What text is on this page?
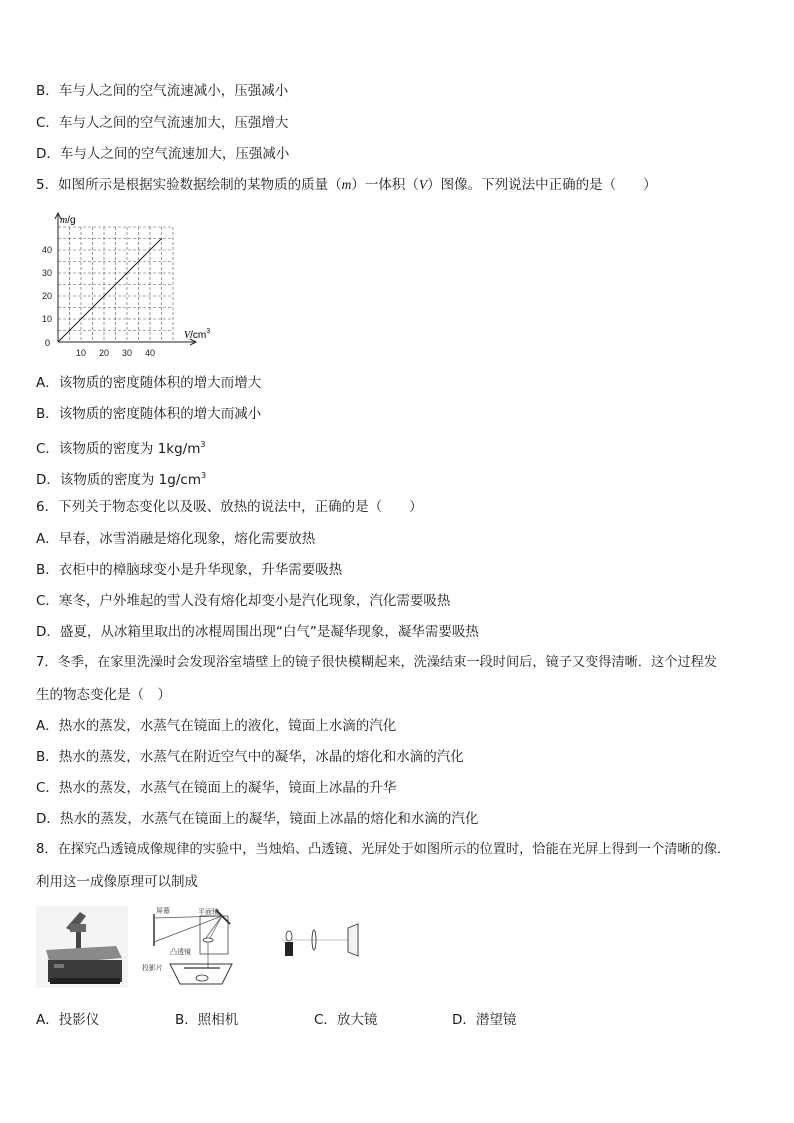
B．车与人之间的空气流速减小，压强减小
C．车与人之间的空气流速加大，压强增大
D．车与人之间的空气流速加大，压强减小
5．如图所示是根据实验数据绘制的某物质的质量（m）一体积（V）图像。下列说法中正确的是（　　）
10 20 30 40
10
20
30
40
m/g
$V/cm^3$
0
A．该物质的密度随体积的增大而增大
B．该物质的密度随体积的增大而减小
C．该物质的密度为 $1kg/m^3$
D．该物质的密度为 $1g/cm^3$
6．下列关于物态变化以及吸、放热的说法中，正确的是（　　）
A．早春，冰雪消融是熔化现象，熔化需要放热
B．衣柜中的樟脑球变小是升华现象，升华需要吸热
C．寒冬，户外堆起的雪人没有熔化却变小是汽化现象，汽化需要吸热
D．盛夏，从冰箱里取出的冰棍周围出现“白气”是凝华现象，凝华需要吸热
7．冬季，在家里洗澡时会发现浴室墙壁上的镜子很快模糊起来，洗澡结束一段时间后，镜子又变得清晰．这个过程发
生的物态变化是（　）
A．热水的蒸发，水蒸气在镜面上的液化，镜面上水滴的汽化
B．热水的蒸发，水蒸气在附近空气中的凝华，冰晶的熔化和水滴的汽化
C．热水的蒸发，水蒸气在镜面上的凝华，镜面上冰晶的升华
D．热水的蒸发，水蒸气在镜面上的凝华，镜面上冰晶的熔化和水滴的汽化
8．在探究凸透镜成像规律的实验中，当烛焰、凸透镜、光屏处于如图所示的位置时，恰能在光屏上得到一个清晰的像．
利用这一成像原理可以制成
屏幕	平面镜
凸透镜
投影片
A．投影仪	B．照相机	C．放大镜	D．潜望镜
